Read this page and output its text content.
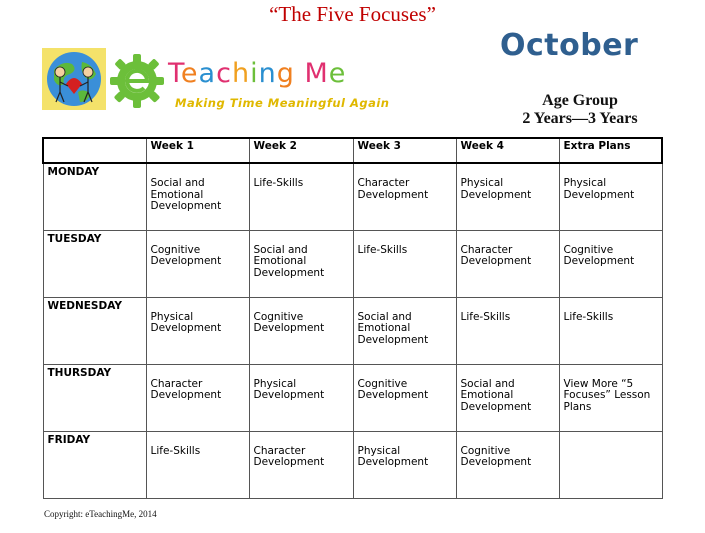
“The Five Focuses”
Teaching Me
Making Time Meaningful Again
October
Age Group
2 Years—3 Years
	Week 1	Week 2	Week 3	Week 4	Extra Plans
MONDAY	Social and Emotional Development	Life-Skills	Character Development	Physical Development	Physical Development
TUESDAY	Cognitive Development	Social and Emotional Development	Life-Skills	Character Development	Cognitive Development
WEDNESDAY	Physical Development	Cognitive Development	Social and Emotional Development	Life-Skills	Life-Skills
THURSDAY	Character Development	Physical Development	Cognitive Development	Social and Emotional Development	View More “5 Focuses” Lesson Plans
FRIDAY	Life-Skills	Character Development	Physical Development	Cognitive Development	
Copyright: eTeachingMe, 2014
